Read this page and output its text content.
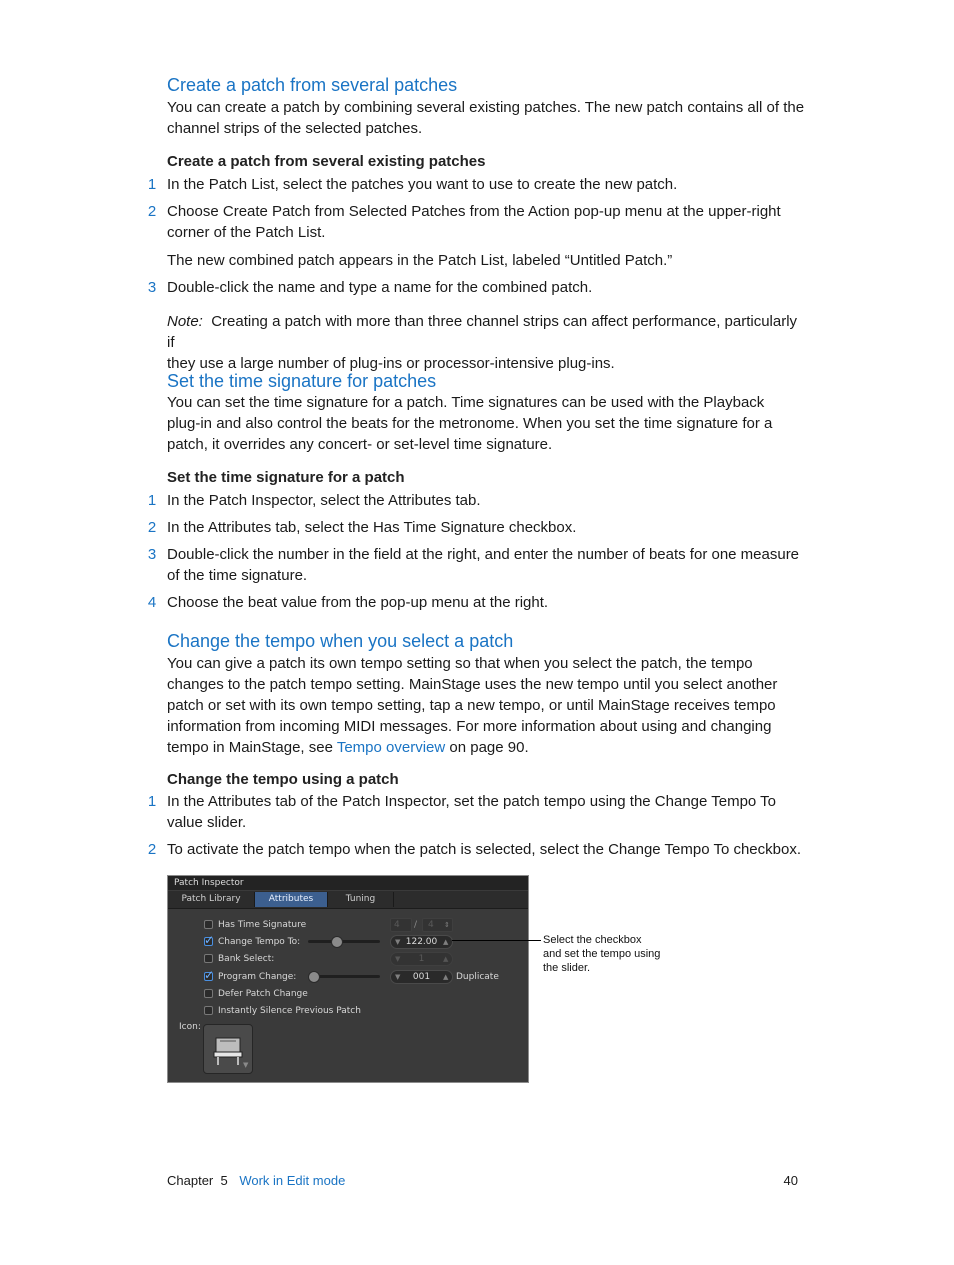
Create a patch from several patches

You can create a patch by combining several existing patches. The new patch contains all of the
channel strips of the selected patches.

Create a patch from several existing patches
1 In the Patch List, select the patches you want to use to create the new patch.
2 Choose Create Patch from Selected Patches from the Action pop-up menu at the upper-right
corner of the Patch List.

The new combined patch appears in the Patch List, labeled “Untitled Patch.”

3 Double-click the name and type a name for the combined patch.

Note: Creating a patch with more than three channel strips can affect performance, particularly if
they use a large number of plug-ins or processor-intensive plug-ins.

Set the time signature for patches

You can set the time signature for a patch. Time signatures can be used with the Playback
plug-in and also control the beats for the metronome. When you set the time signature for a
patch, it overrides any concert- or set-level time signature.

Set the time signature for a patch
1 In the Patch Inspector, select the Attributes tab.
2 In the Attributes tab, select the Has Time Signature checkbox.
3 Double-click the number in the field at the right, and enter the number of beats for one measure
of the time signature.
4 Choose the beat value from the pop-up menu at the right.
Change the tempo when you select a patch

You can give a patch its own tempo setting so that when you select the patch, the tempo
changes to the patch tempo setting. MainStage uses the new tempo until you select another
patch or set with its own tempo setting, tap a new tempo, or until MainStage receives tempo
information from incoming MIDI messages. For more information about using and changing
tempo in MainStage, see Tempo overview on page 90.

Change the tempo using a patch
1 In the Attributes tab of the Patch Inspector, set the patch tempo using the Change Tempo To
value slider.
2 To activate the patch tempo when the patch is selected, select the Change Tempo To checkbox.
Patch Inspector
Patch Library	Attributes	Tuning
Has Time Signature	4	/	4 ⇕
✓ Change Tempo To:	▼ 122.00 ▲
Bank Select:	▼ 1	▲
✓ Program Change:	▼ 001 ▲ Duplicate
Defer Patch Change
Instantly Silence Previous Patch
Icon:
▼
Select the checkbox
and set the tempo using
the slider.
Chapter  5 Work in Edit mode	40
